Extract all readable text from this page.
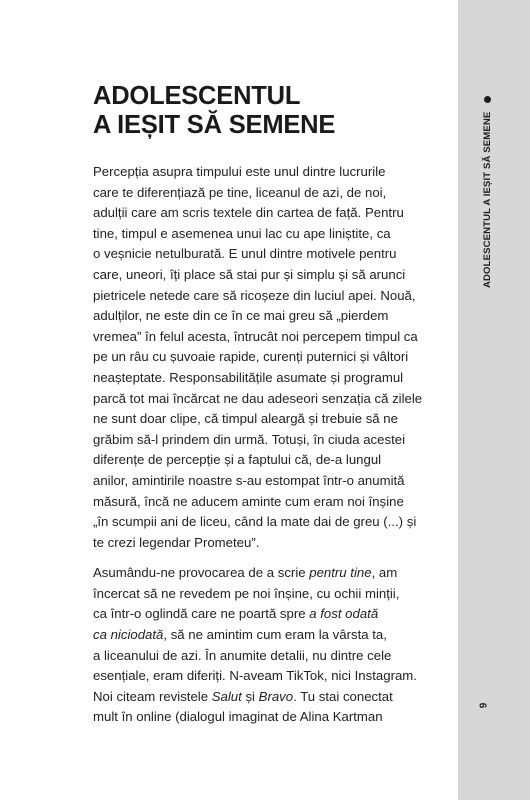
ADOLESCENTUL
A IEȘIT SĂ SEMENE

Percepția asupra timpului este unul dintre lucrurile
care te diferențiază pe tine, liceanul de azi, de noi,
adulții care am scris textele din cartea de față. Pentru
tine, timpul e asemenea unui lac cu ape liniștite, ca
o veșnicie netulburată. E unul dintre motivele pentru
care, uneori, îți place să stai pur și simplu și să arunci
pietricele netede care să ricoșeze din luciul apei. Nouă,
adulților, ne este din ce în ce mai greu să „pierdem
vremea” în felul acesta, întrucât noi percepem timpul ca
pe un râu cu șuvoaie rapide, curenți puternici și vâltori
neașteptate. Responsabilitățile asumate și programul
parcă tot mai încărcat ne dau adeseori senzația că zilele
ne sunt doar clipe, că timpul aleargă și trebuie să ne
grăbim să-l prindem din urmă. Totuși, în ciuda acestei
diferențe de percepție și a faptului că, de-a lungul
anilor, amintirile noastre s-au estompat într-o anumită
măsură, încă ne aducem aminte cum eram noi înșine
„în scumpii ani de liceu, când la mate dai de greu (...) și
te crezi legendar Prometeu”.

Asumându-ne provocarea de a scrie pentru tine, am
încercat să ne revedem pe noi înșine, cu ochii minții,
ca într-o oglindă care ne poartă spre a fost odată
ca niciodată, să ne amintim cum eram la vârsta ta,
a liceanului de azi. În anumite detalii, nu dintre cele
esențiale, eram diferiți. N-aveam TikTok, nici Instagram.
Noi citeam revistele Salut și Bravo. Tu stai conectat
mult în online (dialogul imaginat de Alina Kartman

ADOLESCENTUL A IEȘIT SĂ SEMENE
9
